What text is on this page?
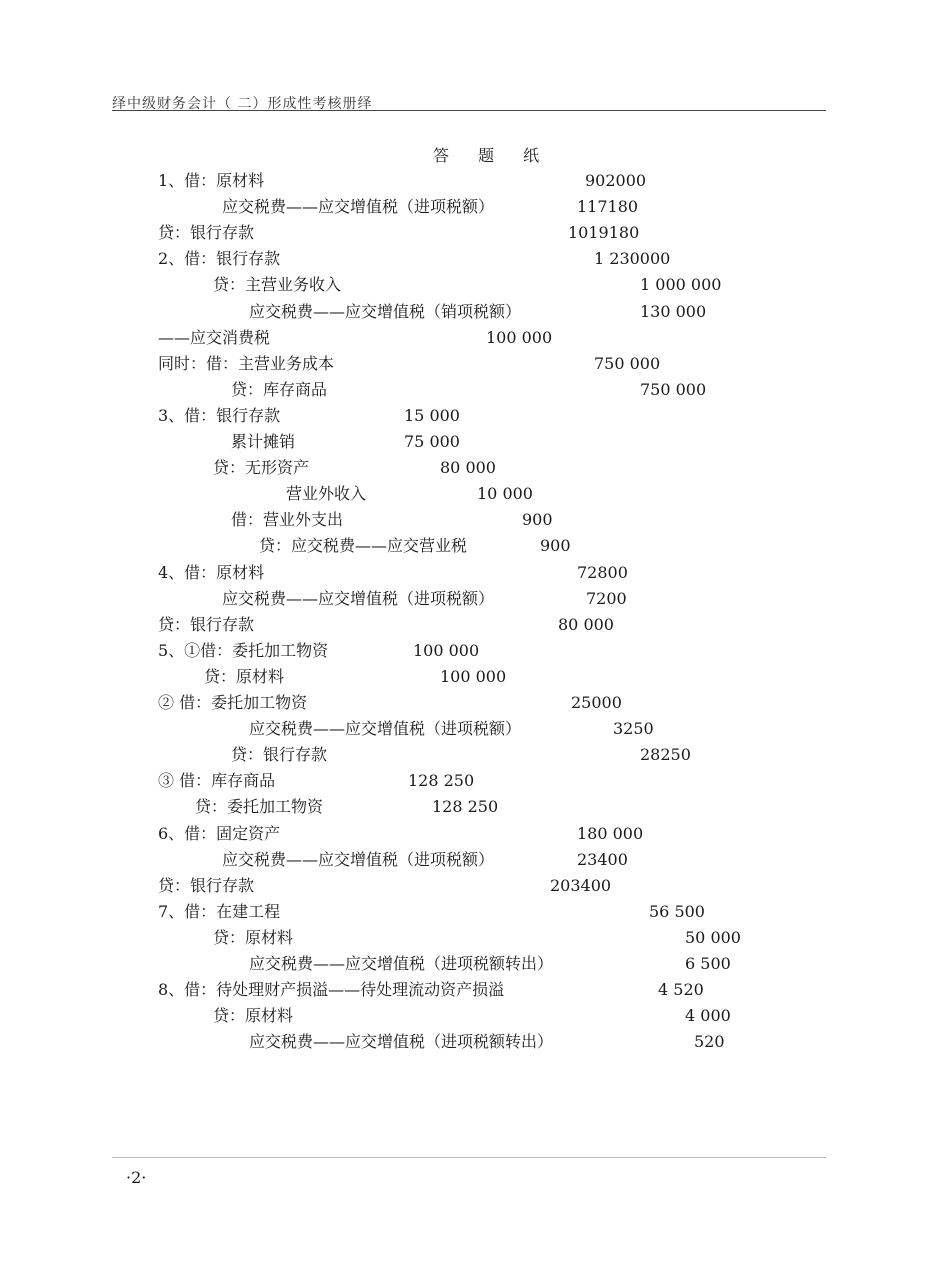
绎中级财务会计（ 二）形成性考核册绎
答 题 纸
1、借：原材料	902000
应交税费——应交增值税（进项税额）	117180
贷：银行存款	1019180
2、借：银行存款	1 230000
贷：主营业务收入	1 000 000
应交税费——应交增值税（销项税额）	130 000
——应交消费税	100 000
同时：借：主营业务成本	750 000
贷：库存商品	750 000
3、借：银行存款	15 000
累计摊销	75 000
贷：无形资产	80 000
营业外收入	10 000
借：营业外支出	900
贷：应交税费——应交营业税	900
4、借：原材料	72800
应交税费——应交增值税（进项税额）	7200
贷：银行存款	80 000
5、①借：委托加工物资	100 000
贷：原材料	100 000
② 借：委托加工物资	25000
应交税费——应交增值税（进项税额）	3250
贷：银行存款	28250
③ 借：库存商品	128 250
贷：委托加工物资	128 250
6、借：固定资产	180 000
应交税费——应交增值税（进项税额）	23400
贷：银行存款	203400
7、借：在建工程	56 500
贷：原材料	50 000
应交税费——应交增值税（进项税额转出）	6 500
8、借：待处理财产损溢——待处理流动资产损溢	4 520
贷：原材料	4 000
应交税费——应交增值税（进项税额转出）	520
·2·
